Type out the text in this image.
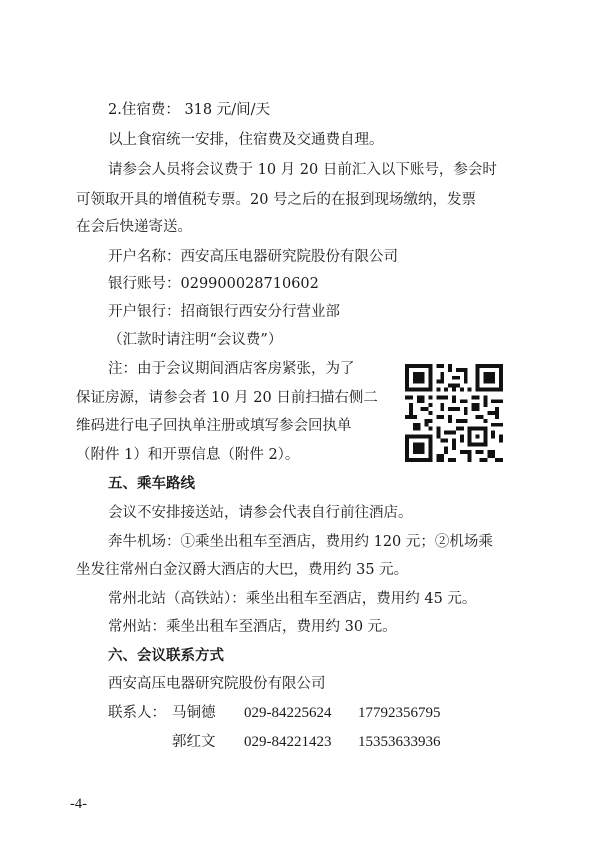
2.住宿费： 318 元/间/天
以上食宿统一安排，住宿费及交通费自理。
请参会人员将会议费于 10 月 20 日前汇入以下账号，参会时
可领取开具的增值税专票。20 号之后的在报到现场缴纳，发票
在会后快递寄送。
开户名称：西安高压电器研究院股份有限公司
银行账号：029900028710602
开户银行：招商银行西安分行营业部
（汇款时请注明“会议费”）
注：由于会议期间酒店客房紧张，为了
保证房源，请参会者 10 月 20 日前扫描右侧二
维码进行电子回执单注册或填写参会回执单
（附件 1）和开票信息（附件 2）。
五、乘车路线
会议不安排接送站，请参会代表自行前往酒店。
奔牛机场：①乘坐出租车至酒店，费用约 120 元；②机场乘
坐发往常州白金汉爵大酒店的大巴，费用约 35 元。
常州北站（高铁站）：乘坐出租车至酒店，费用约 45 元。
常州站：乘坐出租车至酒店，费用约 30 元。
六、会议联系方式
西安高压电器研究院股份有限公司
联系人： 马铜德 029-84225624 17792356795
郭红文 029-84221423 15353633936
-4-
